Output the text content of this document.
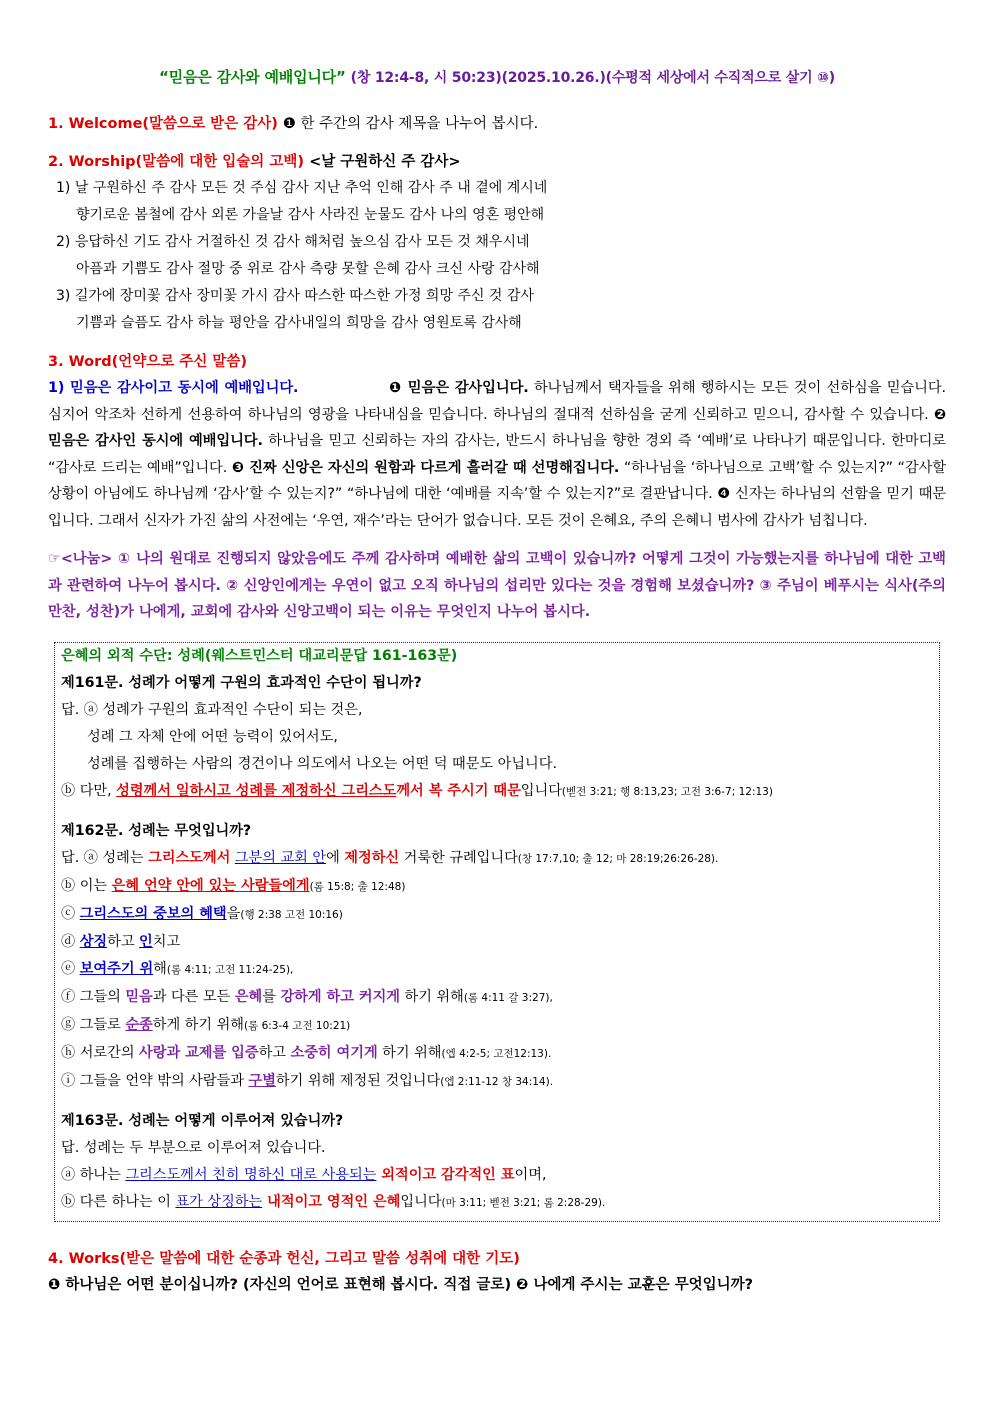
“믿음은 감사와 예배입니다” (창 12:4-8, 시 50:23)(2025.10.26.)(수평적 세상에서 수직적으로 살기 ⑩)
1. Welcome(말씀으로 받은 감사) ❶ 한 주간의 감사 제목을 나누어 봅시다.
2. Worship(말씀에 대한 입술의 고백) <날 구원하신 주 감사>
1) 날 구원하신 주 감사 모든 것 주심 감사 지난 추억 인해 감사 주 내 곁에 계시네
향기로운 봄철에 감사 외론 가을날 감사 사라진 눈물도 감사 나의 영혼 평안해
2) 응답하신 기도 감사 거절하신 것 감사 해처럼 높으심 감사 모든 것 채우시네
아픔과 기쁨도 감사 절망 중 위로 감사 측량 못할 은혜 감사 크신 사랑 감사해
3) 길가에 장미꽃 감사 장미꽃 가시 감사 따스한 따스한 가정 희망 주신 것 감사
기쁨과 슬픔도 감사 하늘 평안을 감사내일의 희망을 감사 영원토록 감사해
3. Word(언약으로 주신 말씀)
1) 믿음은 감사이고 동시에 예배입니다.	❶ 믿음은 감사입니다. 하나님께서 택자들을 위해 행하시는 모든 것이 선하심을 믿습니다. 심지어 악조차 선하게 선용하여 하나님의 영광을 나타내심을 믿습니다. 하나님의 절대적 선하심을 굳게 신뢰하고 믿으니, 감사할 수 있습니다. ❷ 믿음은 감사인 동시에 예배입니다. 하나님을 믿고 신뢰하는 자의 감사는, 반드시 하나님을 향한 경외 즉 ‘예배’로 나타나기 때문입니다. 한마디로 “감사로 드리는 예배”입니다. ❸ 진짜 신앙은 자신의 원함과 다르게 흘러갈 때 선명해집니다. “하나님을 ‘하나님으로 고백’할 수 있는지?” “감사할 상황이 아님에도 하나님께 ‘감사’할 수 있는지?” “하나님에 대한 ‘예배를 지속’할 수 있는지?”로 결판납니다. ❹ 신자는 하나님의 선함을 믿기 때문입니다. 그래서 신자가 가진 삶의 사전에는 ‘우연, 재수’라는 단어가 없습니다. 모든 것이 은혜요, 주의 은혜니 범사에 감사가 넘칩니다.
☞<나눔> ① 나의 원대로 진행되지 않았음에도 주께 감사하며 예배한 삶의 고백이 있습니까? 어떻게 그것이 가능했는지를 하나님에 대한 고백과 관련하여 나누어 봅시다. ② 신앙인에게는 우연이 없고 오직 하나님의 섭리만 있다는 것을 경험해 보셨습니까? ③ 주님이 베푸시는 식사(주의 만찬, 성찬)가 나에게, 교회에 감사와 신앙고백이 되는 이유는 무엇인지 나누어 봅시다.
은혜의 외적 수단: 성례(웨스트민스터 대교리문답 161-163문)
제161문. 성례가 어떻게 구원의 효과적인 수단이 됩니까?
답. ⓐ 성례가 구원의 효과적인 수단이 되는 것은,
성례 그 자체 안에 어떤 능력이 있어서도,
성례를 집행하는 사람의 경건이나 의도에서 나오는 어떤 덕 때문도 아닙니다.
ⓑ 다만, 성령께서 일하시고 성례를 제정하신 그리스도께서 복 주시기 때문입니다(벧전 3:21; 행 8:13,23; 고전 3:6-7; 12:13)
제162문. 성례는 무엇입니까?
답. ⓐ 성례는 그리스도께서 그분의 교회 안에 제정하신 거룩한 규례입니다(창 17:7,10; 출 12; 마 28:19;26:26-28).
ⓑ 이는 은혜 언약 안에 있는 사람들에게(롬 15:8; 출 12:48)
ⓒ 그리스도의 중보의 혜택을(행 2:38 고전 10:16)
ⓓ 상징하고 인치고
ⓔ 보여주기 위해(롬 4:11; 고전 11:24-25),
ⓕ 그들의 믿음과 다른 모든 은혜를 강하게 하고 커지게 하기 위해(롬 4:11 갈 3:27),
ⓖ 그들로 순종하게 하기 위해(롬 6:3-4 고전 10:21)
ⓗ 서로간의 사랑과 교제를 입증하고 소중히 여기게 하기 위해(엡 4:2-5; 고전12:13).
ⓘ 그들을 언약 밖의 사람들과 구별하기 위해 제정된 것입니다(엡 2:11-12 창 34:14).
제163문. 성례는 어떻게 이루어져 있습니까?
답. 성례는 두 부분으로 이루어져 있습니다.
ⓐ 하나는 그리스도께서 친히 명하신 대로 사용되는 외적이고 감각적인 표이며,
ⓑ 다른 하나는 이 표가 상징하는 내적이고 영적인 은혜입니다(마 3:11; 벧전 3:21; 롬 2:28-29).
4. Works(받은 말씀에 대한 순종과 헌신, 그리고 말씀 성취에 대한 기도)
❶ 하나님은 어떤 분이십니까? (자신의 언어로 표현해 봅시다. 직접 글로) ❷ 나에게 주시는 교훈은 무엇입니까?
